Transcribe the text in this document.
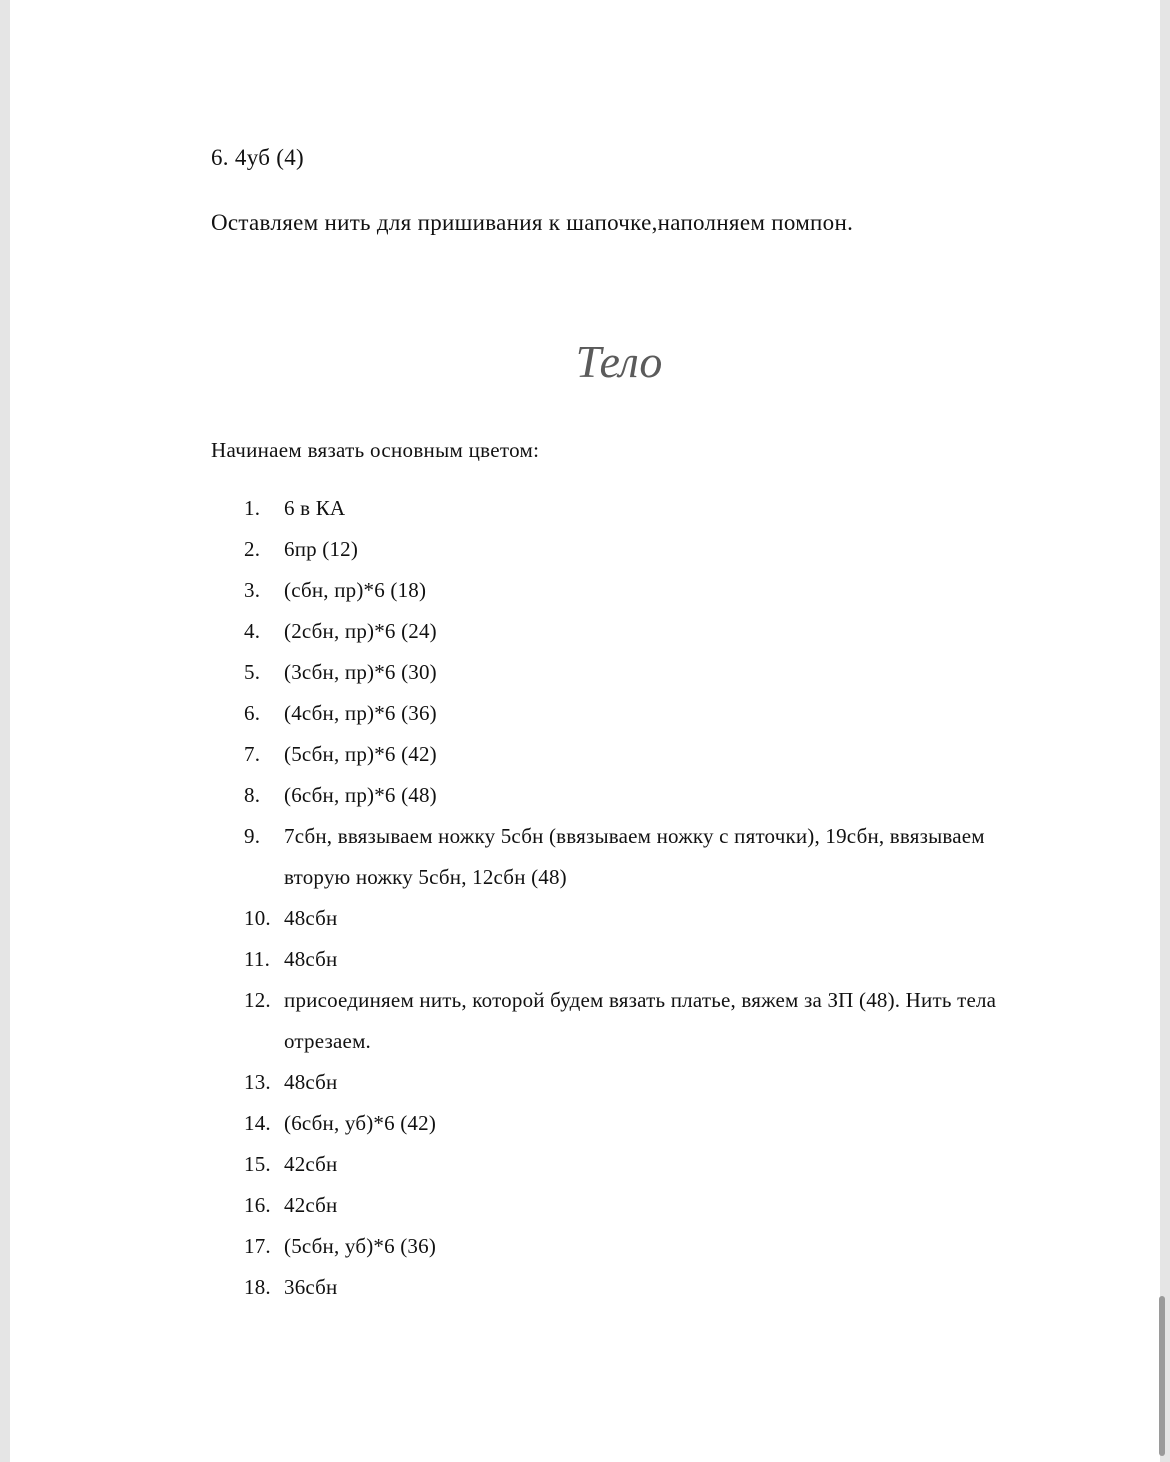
6. 4уб (4)
Оставляем нить для пришивания к шапочке,наполняем помпон.
Тело
Начинаем вязать основным цветом:
1.	6 в КА
2.	6пр (12)
3.	(сбн, пр)*6 (18)
4.	(2сбн, пр)*6 (24)
5.	(3сбн, пр)*6 (30)
6.	(4сбн, пр)*6 (36)
7.	(5сбн, пр)*6 (42)
8.	(6сбн, пр)*6 (48)
9.	7сбн, ввязываем ножку 5сбн (ввязываем ножку с пяточки), 19сбн, ввязываем вторую ножку 5сбн, 12сбн (48)
10. 48сбн
11. 48сбн
12. присоединяем нить, которой будем вязать платье, вяжем за ЗП (48). Нить тела отрезаем.
13. 48сбн
14. (6сбн, уб)*6 (42)
15. 42сбн
16. 42сбн
17. (5сбн, уб)*6 (36)
18. 36сбн
